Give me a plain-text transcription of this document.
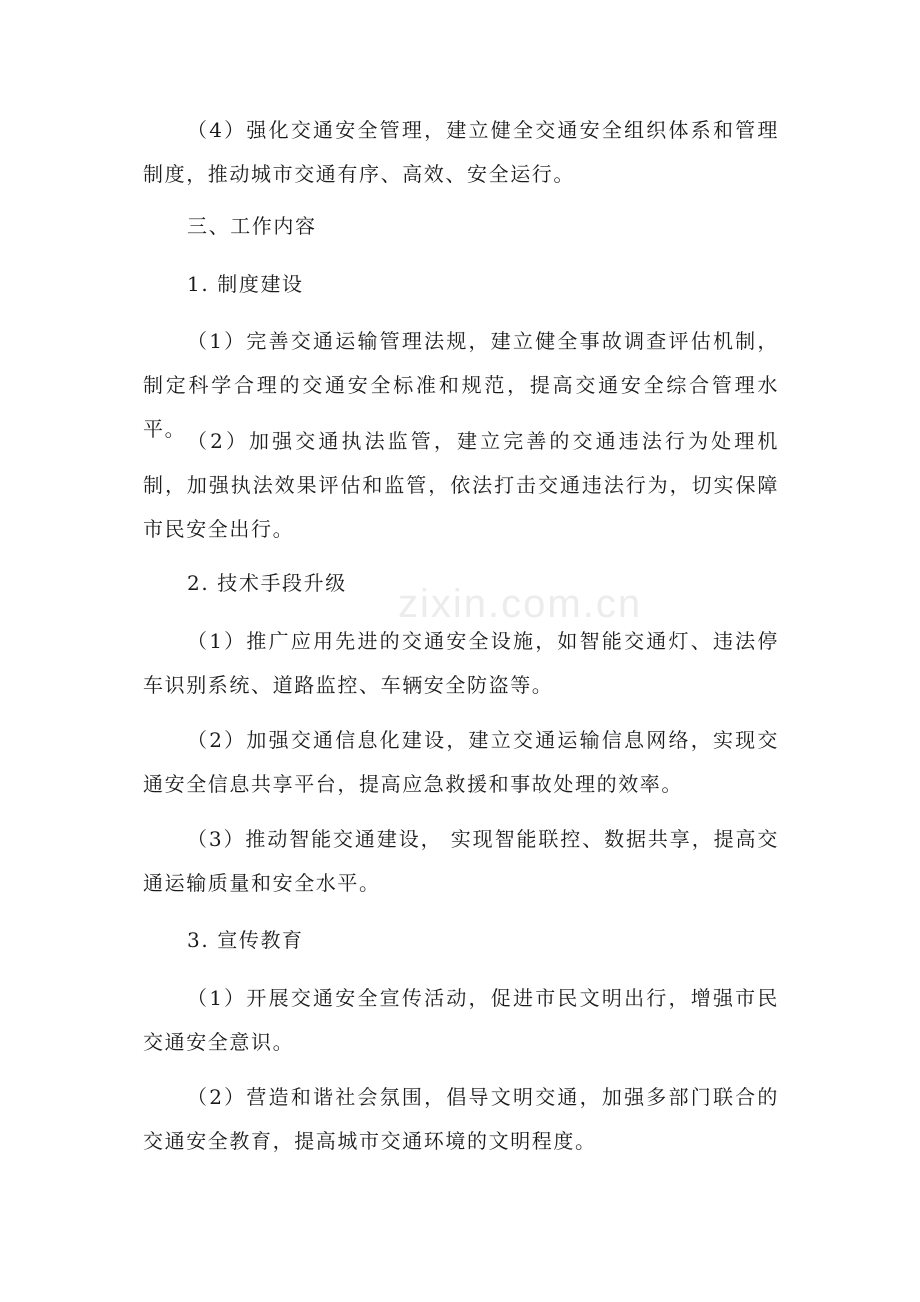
（4）强化交通安全管理，建立健全交通安全组织体系和管理制度，推动城市交通有序、高效、安全运行。

三、工作内容

1. 制度建设

（1）完善交通运输管理法规，建立健全事故调查评估机制，制定科学合理的交通安全标准和规范，提高交通安全综合管理水平。 （2）加强交通执法监管，建立完善的交通违法行为处理机制，加强执法效果评估和监管，依法打击交通违法行为，切实保障市民安全出行。

2. 技术手段升级

（1）推广应用先进的交通安全设施，如智能交通灯、违法停车识别系统、道路监控、车辆安全防盗等。

（2）加强交通信息化建设，建立交通运输信息网络，实现交通安全信息共享平台，提高应急救援和事故处理的效率。

（3）推动智能交通建设， 实现智能联控、数据共享，提高交通运输质量和安全水平。

3. 宣传教育

（1）开展交通安全宣传活动，促进市民文明出行，增强市民交通安全意识。

（2）营造和谐社会氛围，倡导文明交通，加强多部门联合的交通安全教育，提高城市交通环境的文明程度。

zixin.com.cn
